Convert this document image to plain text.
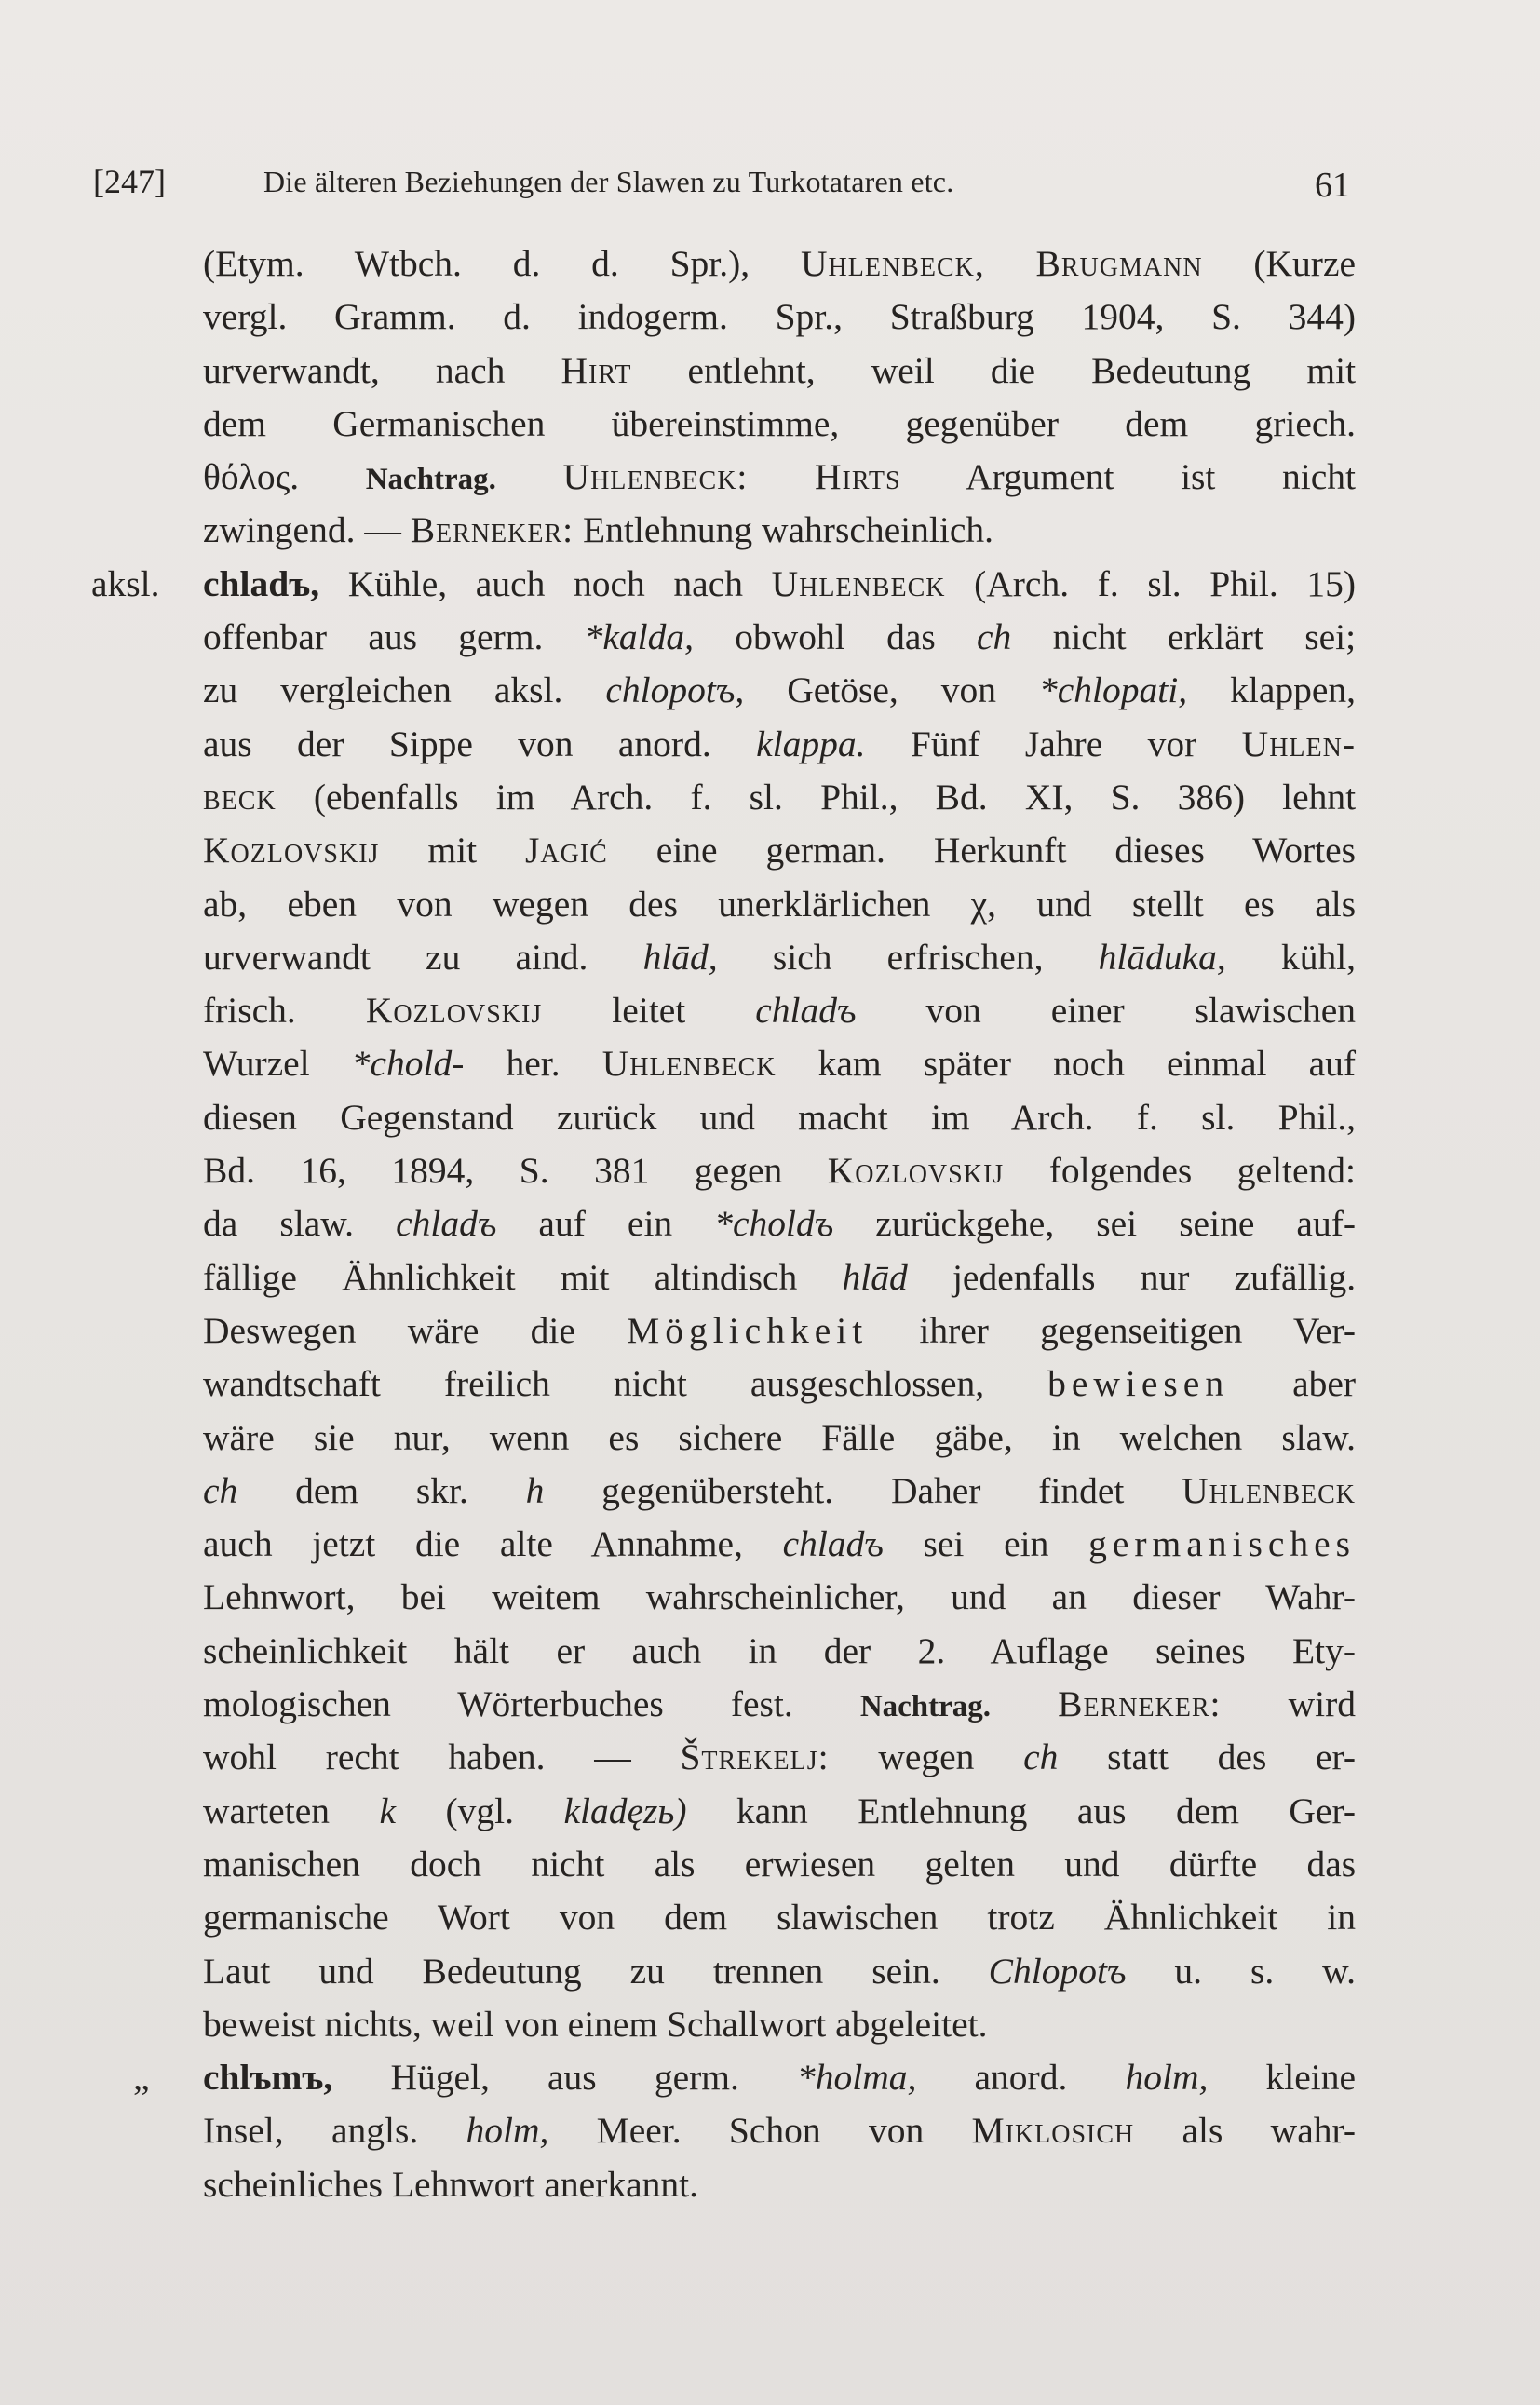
[247]	Die älteren Beziehungen der Slawen zu Turkotataren etc.	61
(Etym. Wtbch. d. d. Spr.), Uhlenbeck, Brugmann (Kurze
vergl. Gramm. d. indogerm. Spr., Straßburg 1904, S. 344)
urverwandt, nach Hirt entlehnt, weil die Bedeutung mit
dem Germanischen übereinstimme, gegenüber dem griech.
θόλος. Nachtrag. Uhlenbeck: Hirts Argument ist nicht
zwingend. — Berneker: Entlehnung wahrscheinlich.
aksl. chladъ, Kühle, auch noch nach Uhlenbeck (Arch. f. sl. Phil. 15)
offenbar aus germ. *kalda, obwohl das ch nicht erklärt sei;
zu vergleichen aksl. chlopotъ, Getöse, von *chlopati, klappen,
aus der Sippe von anord. klappa. Fünf Jahre vor Uhlen-
beck (ebenfalls im Arch. f. sl. Phil., Bd. XI, S. 386) lehnt
Kozlovskij mit Jagić eine german. Herkunft dieses Wortes
ab, eben von wegen des unerklärlichen χ, und stellt es als
urverwandt zu aind. hlād, sich erfrischen, hlāduka, kühl,
frisch. Kozlovskij leitet chladъ von einer slawischen
Wurzel *chold- her. Uhlenbeck kam später noch einmal auf
diesen Gegenstand zurück und macht im Arch. f. sl. Phil.,
Bd. 16, 1894, S. 381 gegen Kozlovskij folgendes geltend:
da slaw. chladъ auf ein *choldъ zurückgehe, sei seine auf-
fällige Ähnlichkeit mit altindisch hlād jedenfalls nur zufällig.
Deswegen wäre die Möglichkeit ihrer gegenseitigen Ver-
wandtschaft freilich nicht ausgeschlossen, bewiesen aber
wäre sie nur, wenn es sichere Fälle gäbe, in welchen slaw.
ch dem skr. h gegenübersteht. Daher findet Uhlenbeck
auch jetzt die alte Annahme, chladъ sei ein germanisches
Lehnwort, bei weitem wahrscheinlicher, und an dieser Wahr-
scheinlichkeit hält er auch in der 2. Auflage seines Ety-
mologischen Wörterbuches fest. Nachtrag. Berneker: wird
wohl recht haben. — Štrekelj: wegen ch statt des er-
warteten k (vgl. kladęzь) kann Entlehnung aus dem Ger-
manischen doch nicht als erwiesen gelten und dürfte das
germanische Wort von dem slawischen trotz Ähnlichkeit in
Laut und Bedeutung zu trennen sein. Chlopotъ u. s. w.
beweist nichts, weil von einem Schallwort abgeleitet.
„ chlъmъ, Hügel, aus germ. *holma, anord. holm, kleine
Insel, angls. holm, Meer. Schon von Miklosich als wahr-
scheinliches Lehnwort anerkannt.
